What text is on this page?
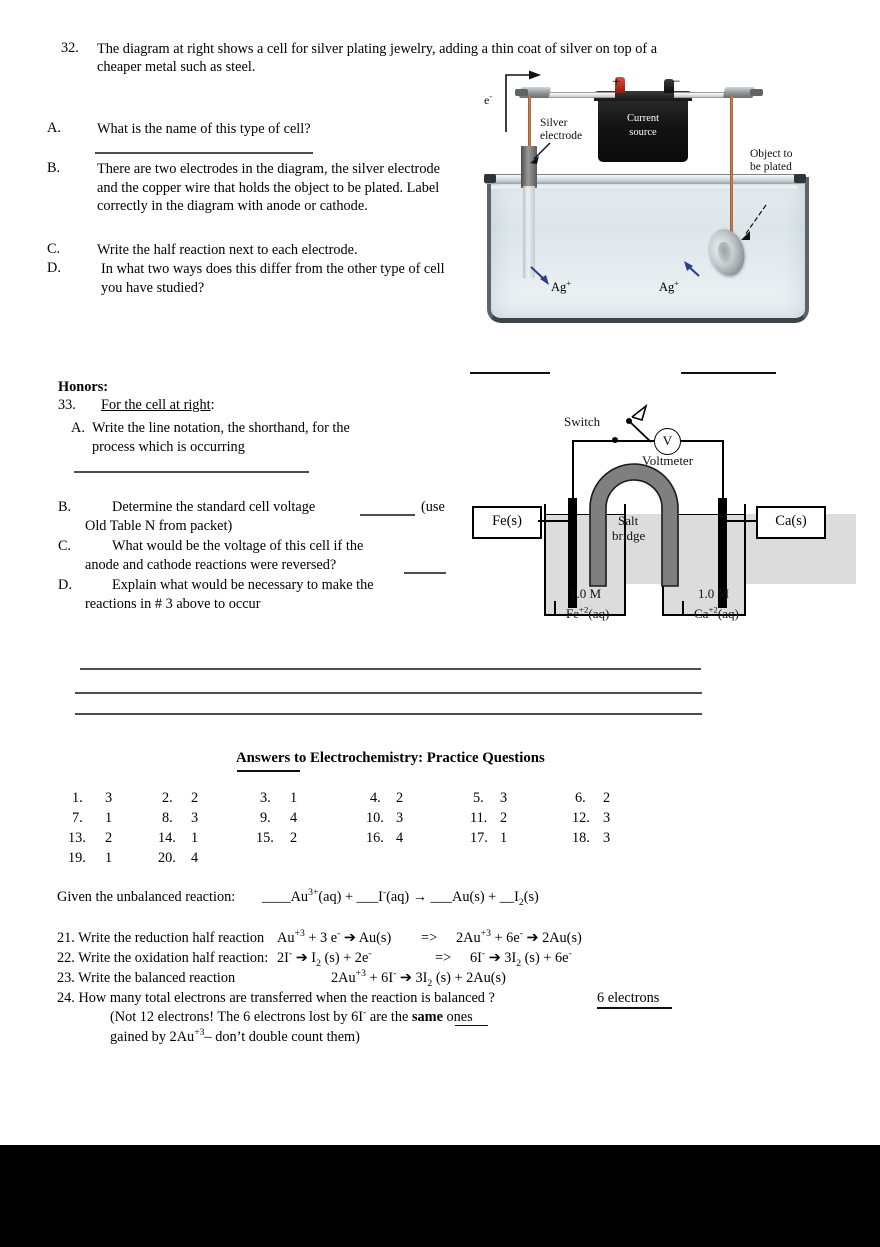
32. The diagram at right shows a cell for silver plating jewelry, adding a thin coat of silver on top of a
cheaper metal such as steel.
A.	What is the name of this type of cell?
B.	There are two electrodes in the diagram, the silver electrode and the copper wire that holds the object to be plated. Label correctly in the diagram with anode or cathode.
C.	Write the half reaction next to each electrode.
D.	In what two ways does this differ from the other type of cell you have studied?
Current
source
+	−
e-
Silver
electrode
Object to
be plated
Ag+	Ag+
Honors:
33. For the cell at right:
A. Write the line notation, the shorthand, for the
process which is occurring
B.	Determine the standard cell voltage	(use
Old Table N from packet)
C.	What would be the voltage of this cell if the
anode and cathode reactions were reversed?
D.	Explain what would be necessary to make the
reactions in # 3 above to occur
Fe(s)	Ca(s)
V
Switch
Voltmeter
Salt
bridge
1.0 M	1.0 M
$Fe^{+2}(aq)$	$Ca^{+2}(aq)$
Answers to Electrochemistry: Practice Questions
1. 3	2. 2	3. 1	4. 2	5. 3	6. 2
7. 1	8. 3	9. 4	10. 3	11. 2	12. 3
13. 2	14. 1	15. 2	16. 4	17. 1	18. 3
19. 1	20. 4
Given the unbalanced reaction: $\_\_\_\_Au^{3+}(aq)$ + ___I-(aq) → ___Au(s) + $\_\_I_2(s)$
21. Write the reduction half reaction $Au^{+3} + 3$ e- ➔ $Au(s) => 2Au^{+3} + 6e^-$ ➔ 2Au(s)
22. Write the oxidation half reaction: 2I- ➔ $I_2$ (s) + 2e-	=> 6I- ➔ $3I_2$ (s) + 6e-
23. Write the balanced reaction	$2Au^{+3} + 6I^-$ ➔ $3I_2$ (s) + 2Au(s)
24. How many total electrons are transferred when the reaction is balanced ?	6 electrons
(Not 12 electrons! The 6 electrons lost by 6I- are the same ones
gained by $2Au^{+3}-$ don’t double count them)
